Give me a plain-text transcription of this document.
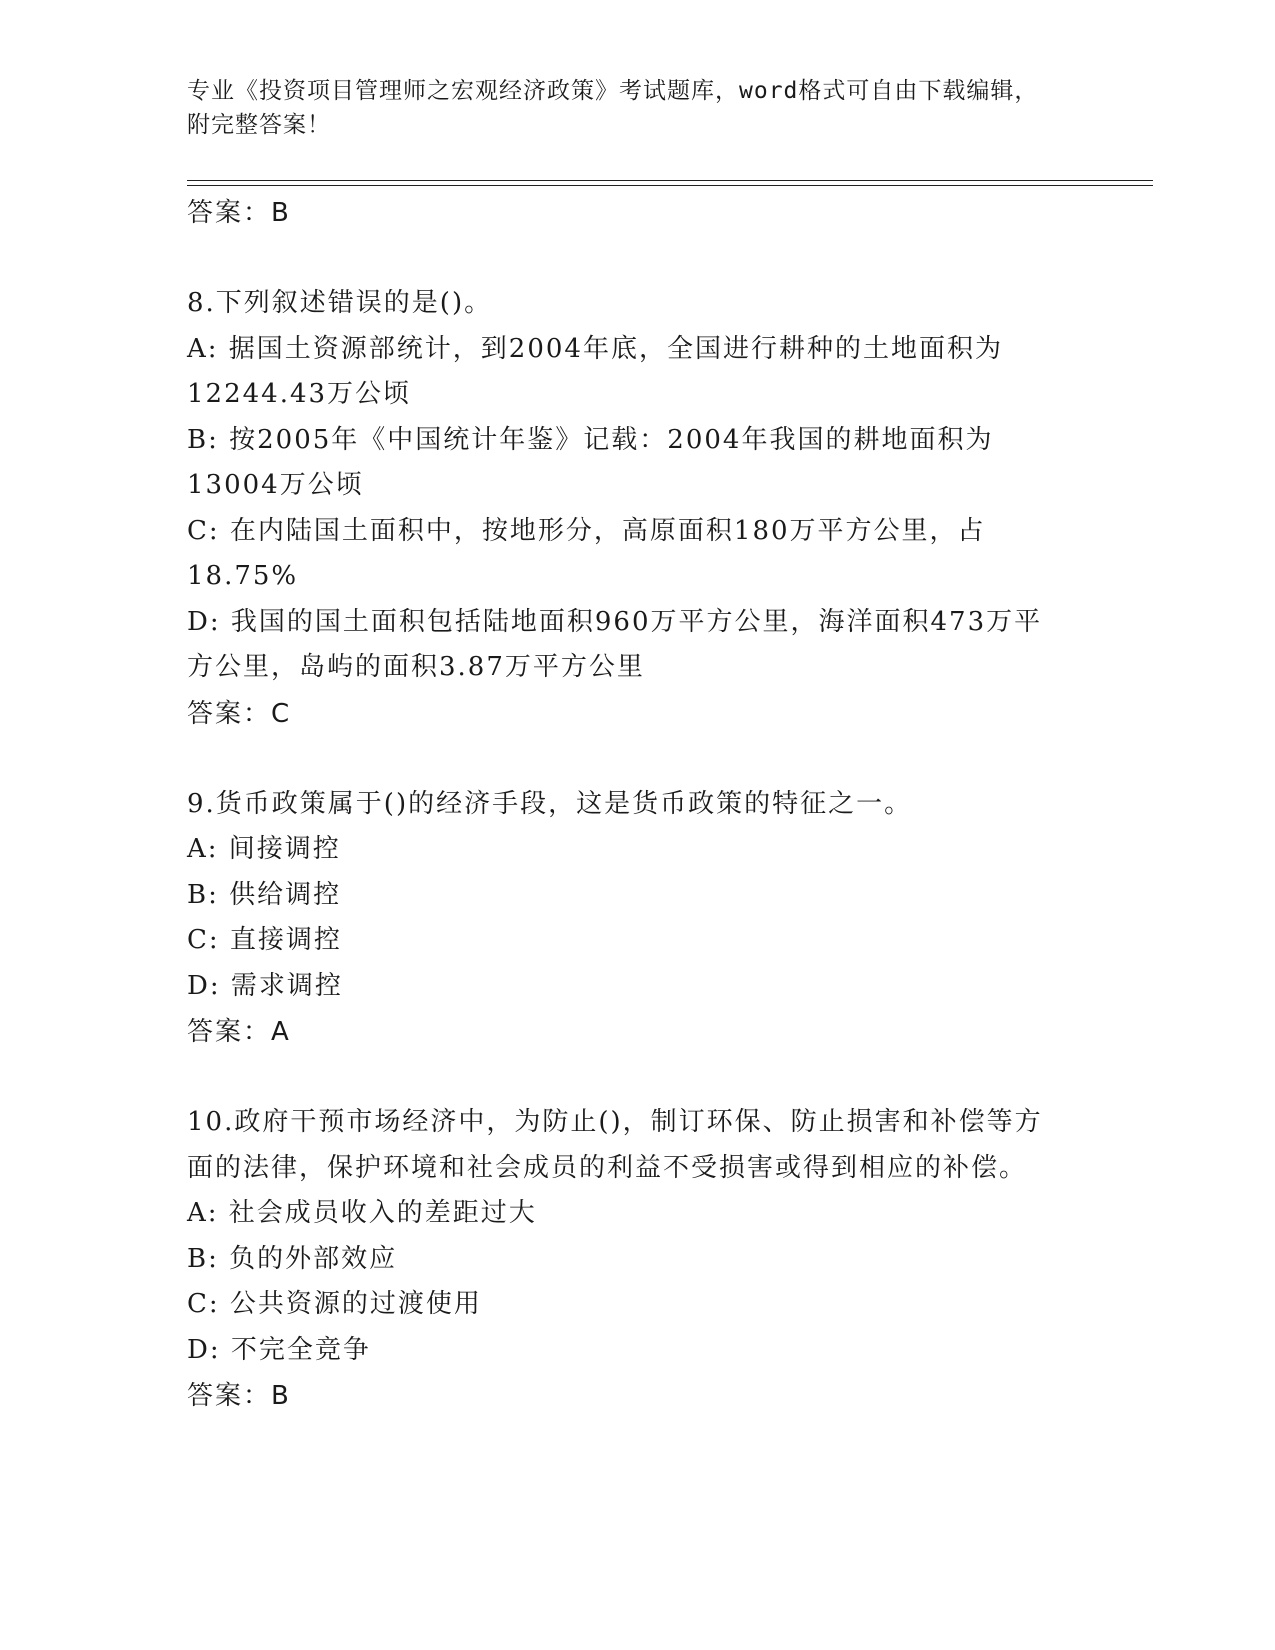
专业《投资项目管理师之宏观经济政策》考试题库，word格式可自由下载编辑，
附完整答案！
答案：B
8.下列叙述错误的是()。
A: 据国土资源部统计，到2004年底，全国进行耕种的土地面积为
12244.43万公顷
B: 按2005年《中国统计年鉴》记载：2004年我国的耕地面积为
13004万公顷
C: 在内陆国土面积中，按地形分，高原面积180万平方公里，占
18.75%
D: 我国的国土面积包括陆地面积960万平方公里，海洋面积473万平
方公里，岛屿的面积3.87万平方公里
答案：C
9.货币政策属于()的经济手段，这是货币政策的特征之一。
A: 间接调控
B: 供给调控
C: 直接调控
D: 需求调控
答案：A
10.政府干预市场经济中，为防止()，制订环保、防止损害和补偿等方
面的法律，保护环境和社会成员的利益不受损害或得到相应的补偿。
A: 社会成员收入的差距过大
B: 负的外部效应
C: 公共资源的过渡使用
D: 不完全竞争
答案：B
